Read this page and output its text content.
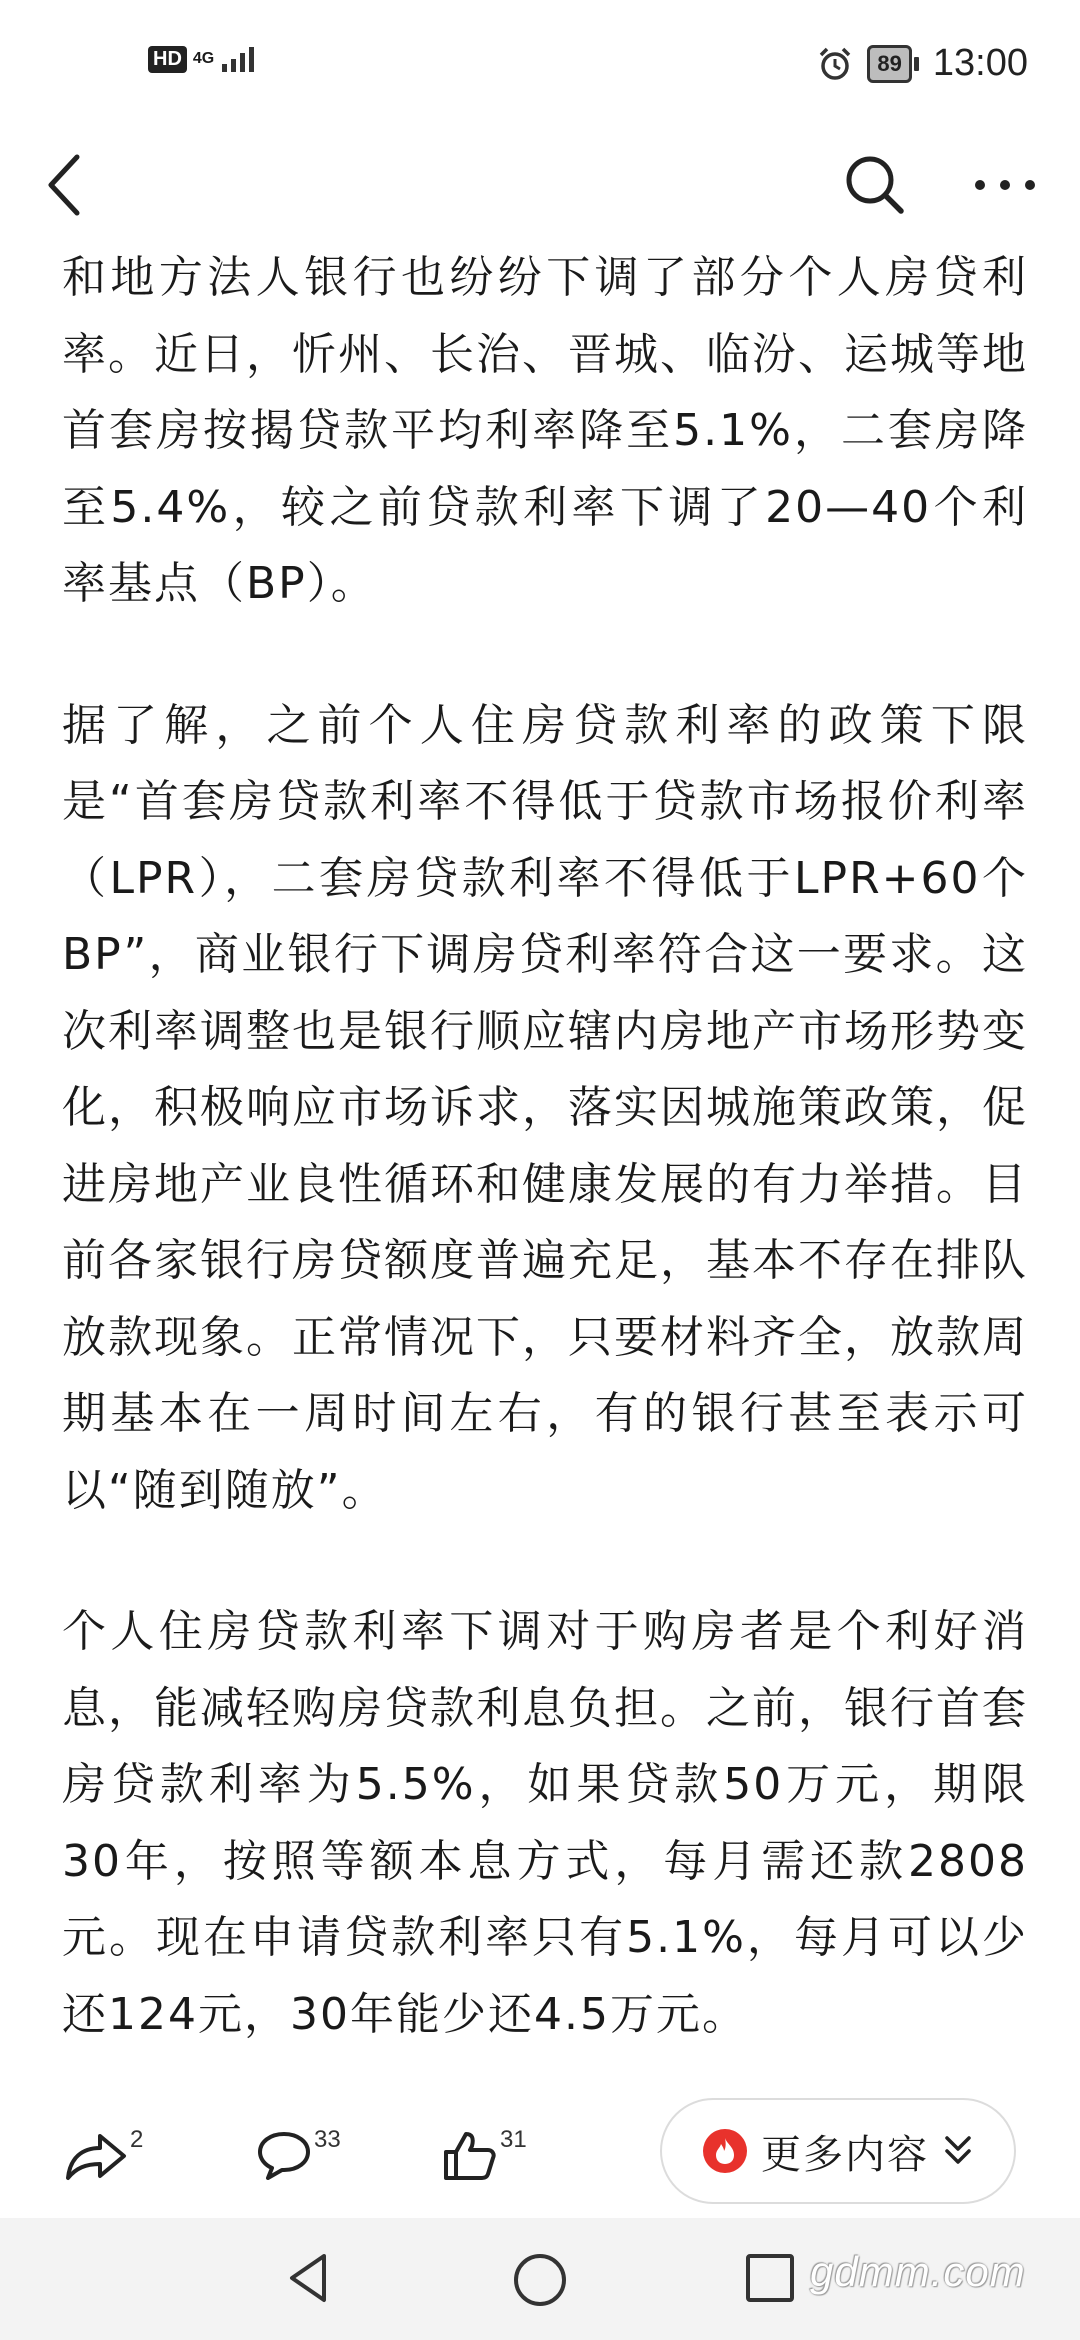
HD 4G	89 13:00

和地方法人银行也纷纷下调了部分个人房贷利率。近日，忻州、长治、晋城、临汾、运城等地首套房按揭贷款平均利率降至5.1%，二套房降至5.4%，较之前贷款利率下调了20—40个利率基点（BP）。

据了解，之前个人住房贷款利率的政策下限是“首套房贷款利率不得低于贷款市场报价利率（LPR），二套房贷款利率不得低于LPR+60个BP”，商业银行下调房贷利率符合这一要求。这次利率调整也是银行顺应辖内房地产市场形势变化，积极响应市场诉求，落实因城施策政策，促进房地产业良性循环和健康发展的有力举措。目前各家银行房贷额度普遍充足，基本不存在排队放款现象。正常情况下，只要材料齐全，放款周期基本在一周时间左右，有的银行甚至表示可以“随到随放”。

个人住房贷款利率下调对于购房者是个利好消息，能减轻购房贷款利息负担。之前，银行首套房贷款利率为5.5%，如果贷款50万元，期限30年，按照等额本息方式，每月需还款2808元。现在申请贷款利率只有5.1%，每月可以少还124元，30年能少还4.5万元。

2	33	31	更多内容
gdmm.com
